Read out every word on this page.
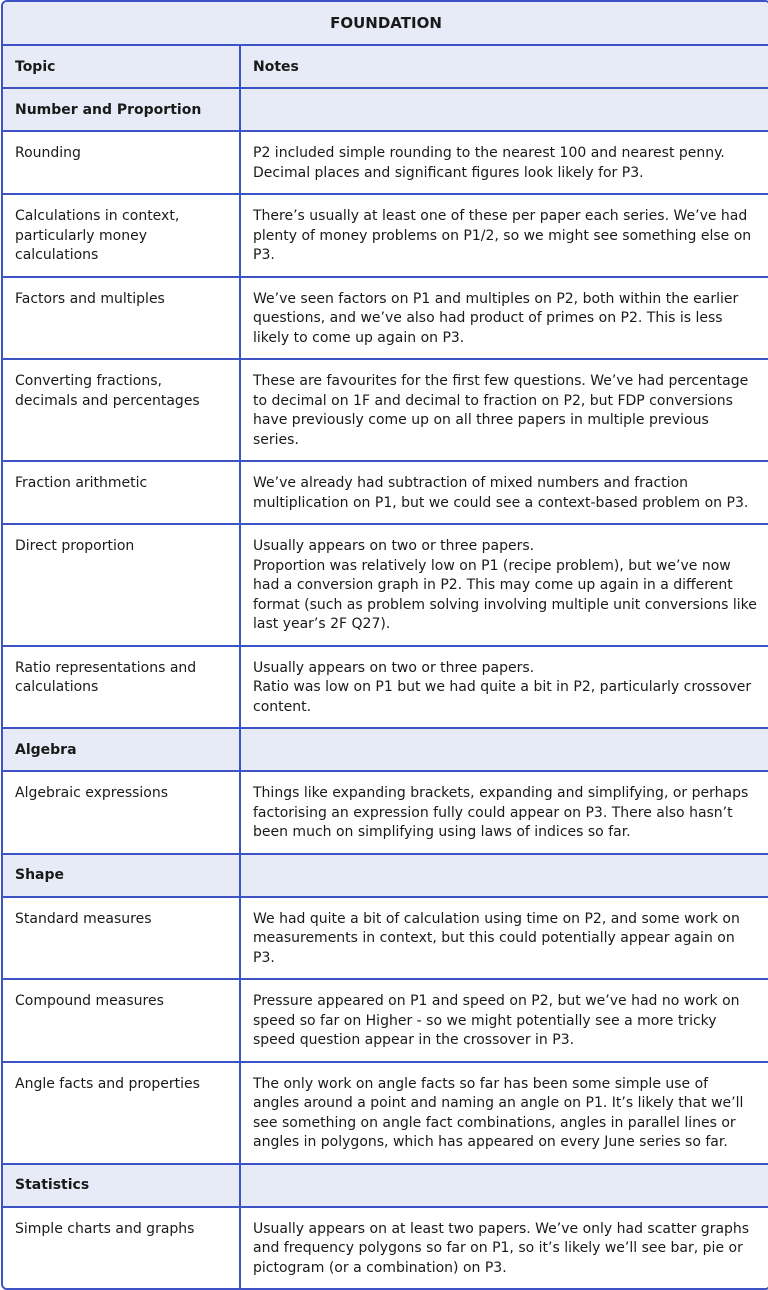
FOUNDATION	
Topic	Notes
Number and Proportion	
Rounding	P2 included simple rounding to the nearest 100 and nearest penny. Decimal places and significant figures look likely for P3.

Calculations in context, particularly money calculations	There’s usually at least one of these per paper each series. We’ve had plenty of money problems on P1/2, so we might see something else on P3.

Factors and multiples	We’ve seen factors on P1 and multiples on P2, both within the earlier questions, and we’ve also had product of primes on P2. This is less likely to come up again on P3.

Converting fractions, decimals and percentages	These are favourites for the first few questions. We’ve had percentage to decimal on 1F and decimal to fraction on P2, but FDP conversions have previously come up on all three papers in multiple previous series.

Fraction arithmetic	We’ve already had subtraction of mixed numbers and fraction multiplication on P1, but we could see a context-based problem on P3.

Direct proportion	Usually appears on two or three papers.
Proportion was relatively low on P1 (recipe problem), but we’ve now had a conversion graph in P2. This may come up again in a different format (such as problem solving involving multiple unit conversions like last year’s 2F Q27).

Ratio representations and calculations	Usually appears on two or three papers.
Ratio was low on P1 but we had quite a bit in P2, particularly crossover content.

Algebra	
Algebraic expressions	Things like expanding brackets, expanding and simplifying, or perhaps factorising an expression fully could appear on P3. There also hasn’t been much on simplifying using laws of indices so far.

Shape	
Standard measures	We had quite a bit of calculation using time on P2, and some work on measurements in context, but this could potentially appear again on P3.

Compound measures	Pressure appeared on P1 and speed on P2, but we’ve had no work on speed so far on Higher - so we might potentially see a more tricky speed question appear in the crossover in P3.

Angle facts and properties	The only work on angle facts so far has been some simple use of angles around a point and naming an angle on P1. It’s likely that we’ll see something on angle fact combinations, angles in parallel lines or angles in polygons, which has appeared on every June series so far.

Statistics	
Simple charts and graphs	Usually appears on at least two papers. We’ve only had scatter graphs and frequency polygons so far on P1, so it’s likely we’ll see bar, pie or pictogram (or a combination) on P3.
